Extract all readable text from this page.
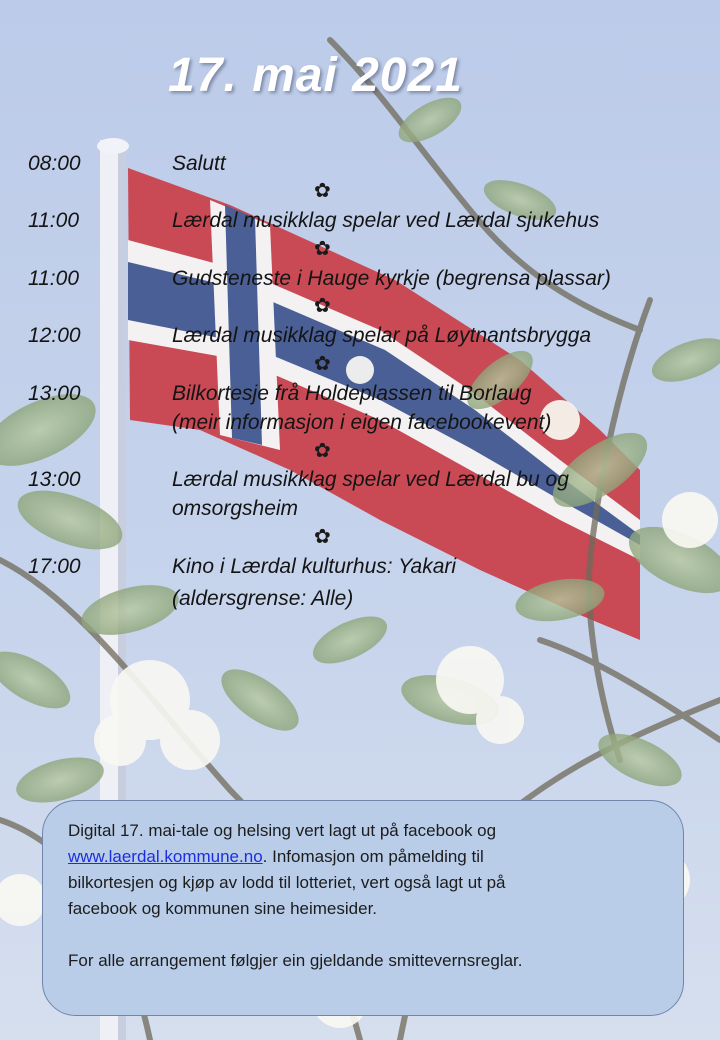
17. mai 2021
08:00	Salutt
✿
11:00	Lærdal musikklag spelar ved Lærdal sjukehus
✿
11:00	Gudsteneste i Hauge kyrkje (begrensa plassar)
✿
12:00	Lærdal musikklag spelar på Løytnantsbrygga
✿
13:00	Bilkortesje frå Holdeplassen til Borlaug
(meir informasjon i eigen facebookevent)
✿
13:00	Lærdal musikklag spelar ved Lærdal bu og
omsorgsheim
✿
17:00	Kino i Lærdal kulturhus: Yakari
(aldersgrense: Alle)

Digital 17. mai-tale og helsing vert lagt ut på facebook og

www.laerdal.kommune.no. Infomasjon om påmelding til

bilkortesjen og kjøp av lodd til lotteriet, vert også lagt ut på

facebook og kommunen sine heimesider.

For alle arrangement følgjer ein gjeldande smittevernsreglar.
